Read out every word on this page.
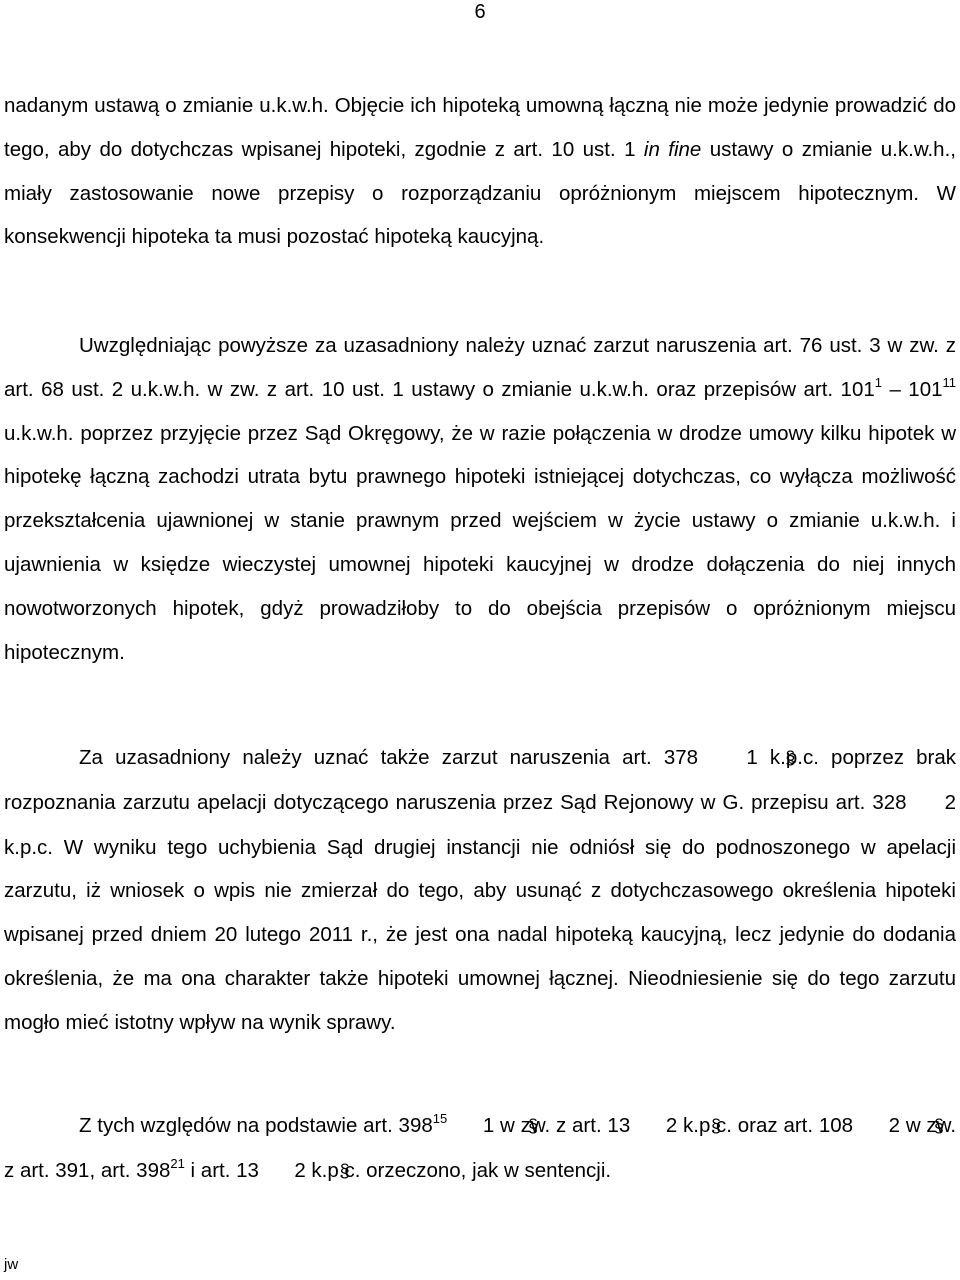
6

nadanym ustawą o zmianie u.k.w.h. Objęcie ich hipoteką umowną łączną nie może jedynie prowadzić do tego, aby do dotychczas wpisanej hipoteki, zgodnie z art. 10 ust. 1 in fine ustawy o zmianie u.k.w.h., miały zastosowanie nowe przepisy o rozporządzaniu opróżnionym miejscem hipotecznym. W konsekwencji hipoteka ta musi pozostać hipoteką kaucyjną.

Uwzględniając powyższe za uzasadniony należy uznać zarzut naruszenia art. 76 ust. 3 w zw. z art. 68 ust. 2 u.k.w.h. w zw. z art. 10 ust. 1 ustawy o zmianie u.k.w.h. oraz przepisów art. $101^1 - 101^{11}$ u.k.w.h. poprzez przyjęcie przez Sąd Okręgowy, że w razie połączenia w drodze umowy kilku hipotek w hipotekę łączną zachodzi utrata bytu prawnego hipoteki istniejącej dotychczas, co wyłącza możliwość przekształcenia ujawnionej w stanie prawnym przed wejściem w życie ustawy o zmianie u.k.w.h. i ujawnienia w księdze wieczystej umownej hipoteki kaucyjnej w drodze dołączenia do niej innych nowotworzonych hipotek, gdyż prowadziłoby to do obejścia przepisów o opróżnionym miejscu hipotecznym.

Za uzasadniony należy uznać także zarzut naruszenia art. 378 § 1 k.p.c. poprzez brak rozpoznania zarzutu apelacji dotyczącego naruszenia przez Sąd Rejonowy w G. przepisu art. 328 § 2 k.p.c. W wyniku tego uchybienia Sąd drugiej instancji nie odniósł się do podnoszonego w apelacji zarzutu, iż wniosek o wpis nie zmierzał do tego, aby usunąć z dotychczasowego określenia hipoteki wpisanej przed dniem 20 lutego 2011 r., że jest ona nadal hipoteką kaucyjną, lecz jedynie do dodania określenia, że ma ona charakter także hipoteki umownej łącznej. Nieodniesienie się do tego zarzutu mogło mieć istotny wpływ na wynik sprawy.

Z tych względów na podstawie art. $398^{15}$ § 1 w zw. z art. 13 § 2 k.p.c. oraz art. 108 § 2 w zw. z art. 391, art. $398^{21}$ i art. 13 § 2 k.p.c. orzeczono, jak w sentencji.

jw
